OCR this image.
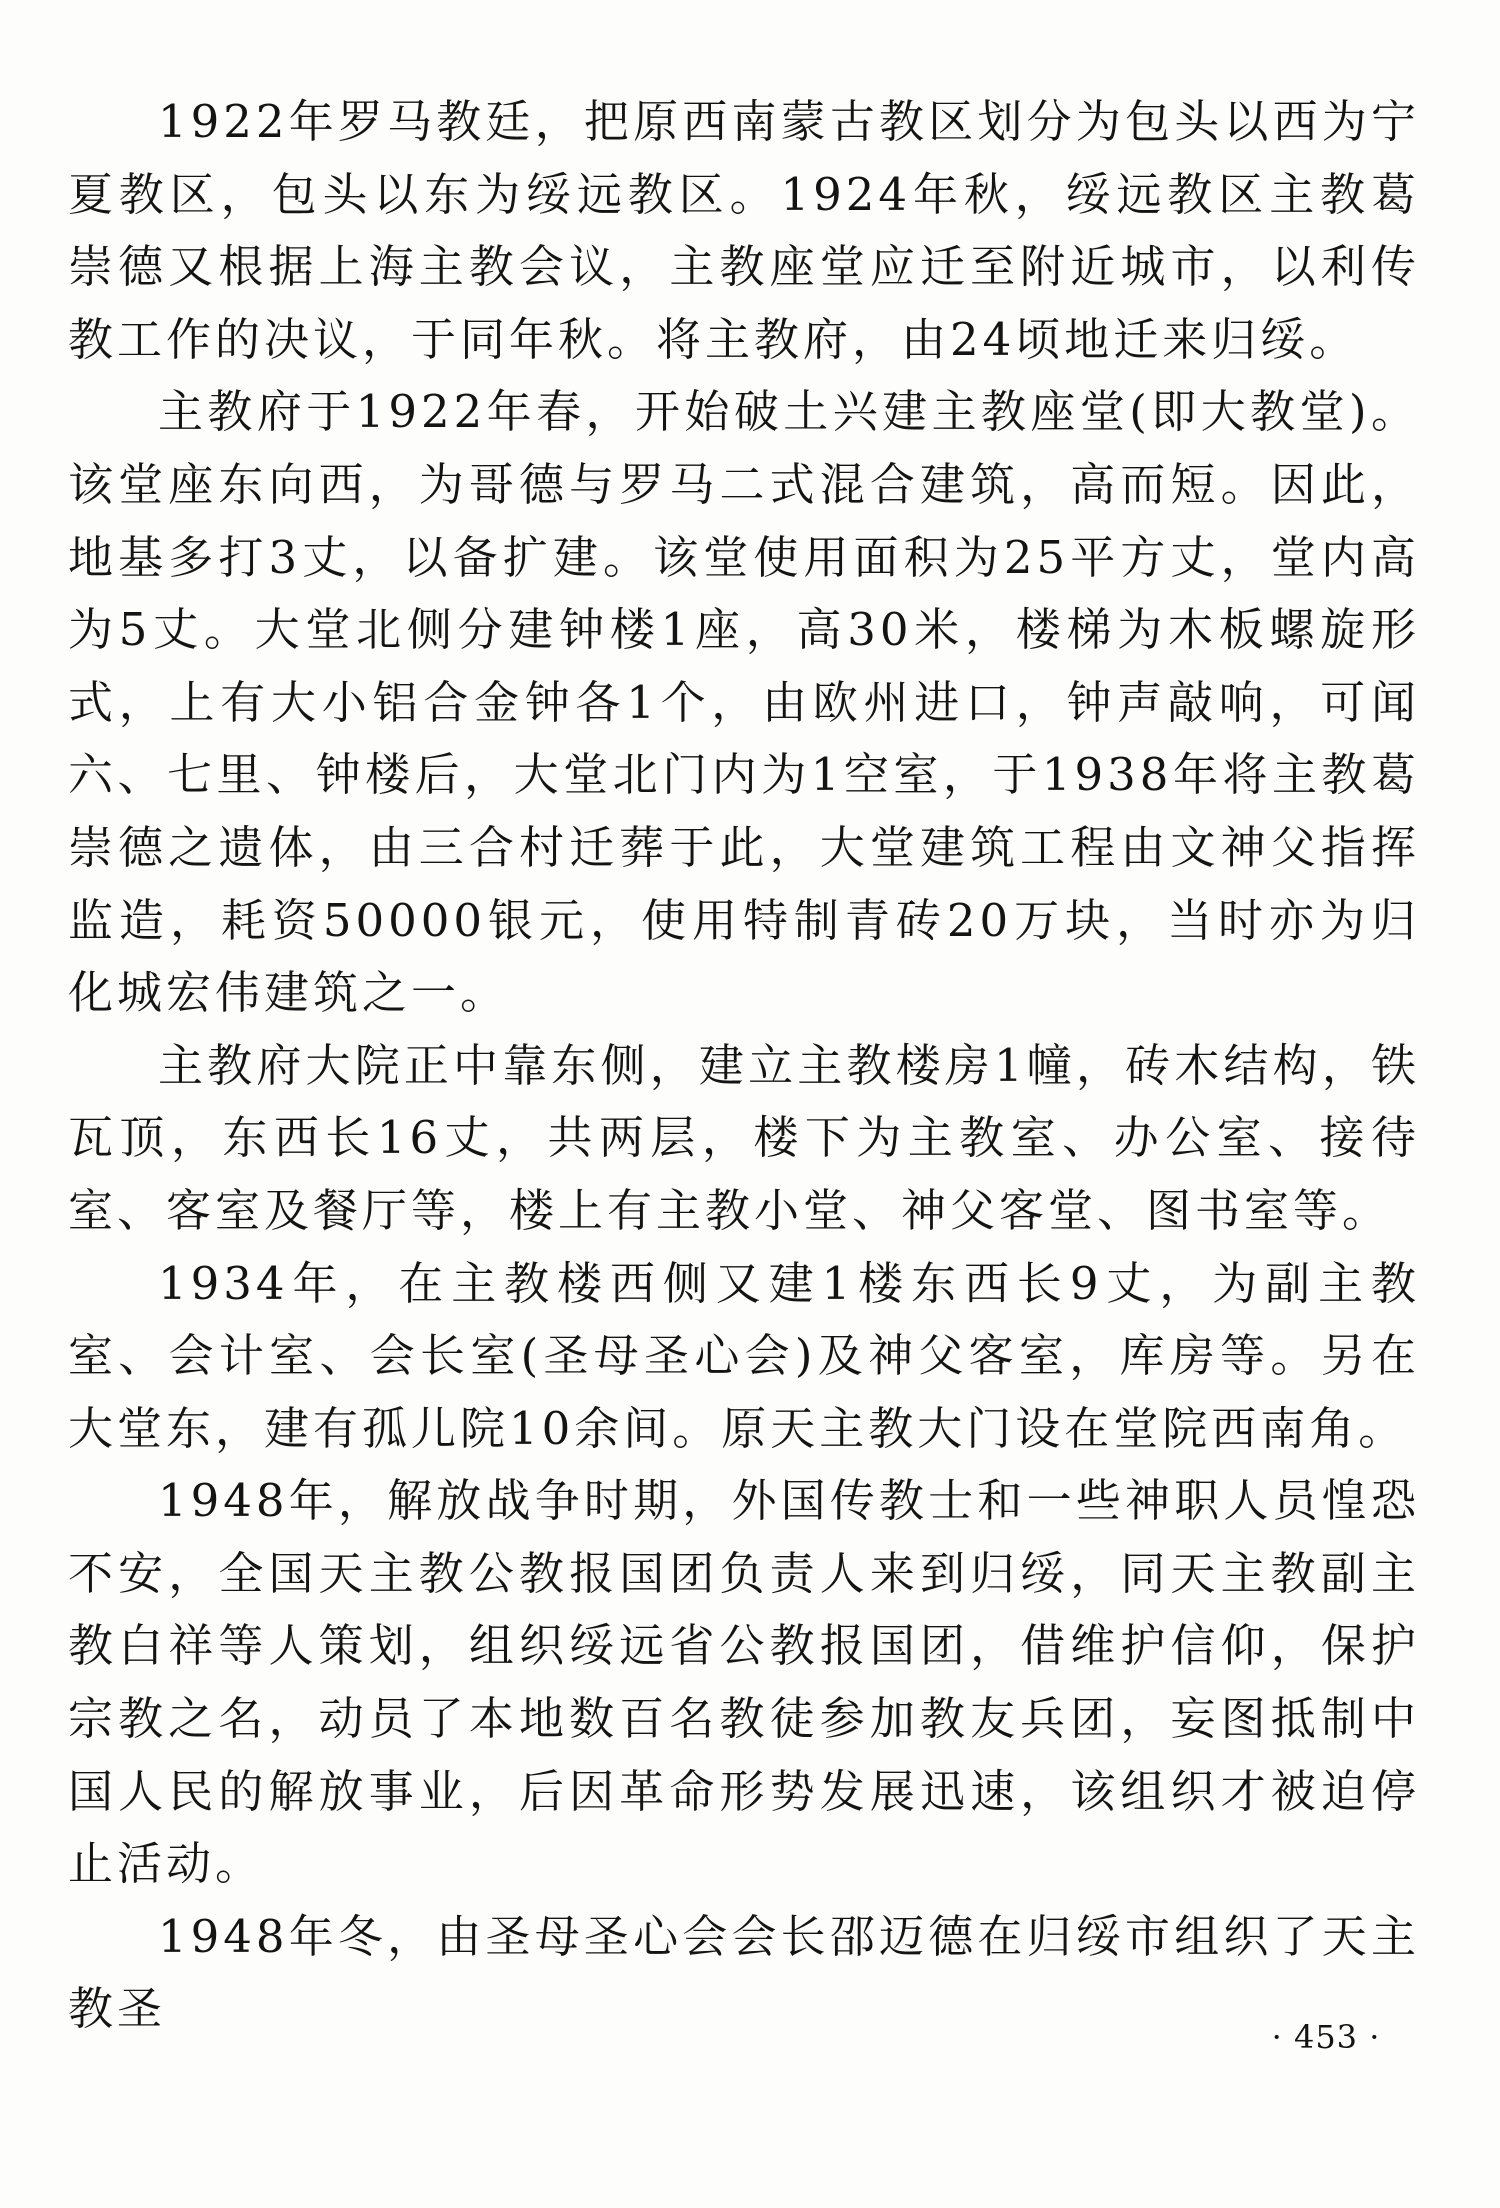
1922年罗马教廷，把原西南蒙古教区划分为包头以西为宁夏教区，包头以东为绥远教区。1924年秋，绥远教区主教葛崇德又根据上海主教会议，主教座堂应迁至附近城市，以利传教工作的决议，于同年秋。将主教府，由24顷地迁来归绥。

主教府于1922年春，开始破土兴建主教座堂(即大教堂)。该堂座东向西，为哥德与罗马二式混合建筑，高而短。因此，地基多打3丈，以备扩建。该堂使用面积为25平方丈，堂内高为5丈。大堂北侧分建钟楼1座，高30米，楼梯为木板螺旋形式，上有大小铝合金钟各1个，由欧州进口，钟声敲响，可闻六、七里、钟楼后，大堂北门内为1空室，于1938年将主教葛崇德之遗体，由三合村迁葬于此，大堂建筑工程由文神父指挥监造，耗资50000银元，使用特制青砖20万块，当时亦为归化城宏伟建筑之一。

主教府大院正中靠东侧，建立主教楼房1幢，砖木结构，铁瓦顶，东西长16丈，共两层，楼下为主教室、办公室、接待室、客室及餐厅等，楼上有主教小堂、神父客堂、图书室等。

1934年，在主教楼西侧又建1楼东西长9丈，为副主教室、会计室、会长室(圣母圣心会)及神父客室，库房等。另在大堂东，建有孤儿院10余间。原天主教大门设在堂院西南角。

1948年，解放战争时期，外国传教士和一些神职人员惶恐不安，全国天主教公教报国团负责人来到归绥，同天主教副主教白祥等人策划，组织绥远省公教报国团，借维护信仰，保护宗教之名，动员了本地数百名教徒参加教友兵团，妄图抵制中国人民的解放事业，后因革命形势发展迅速，该组织才被迫停止活动。

1948年冬，由圣母圣心会会长邵迈德在归绥市组织了天主教圣

· 453 ·
